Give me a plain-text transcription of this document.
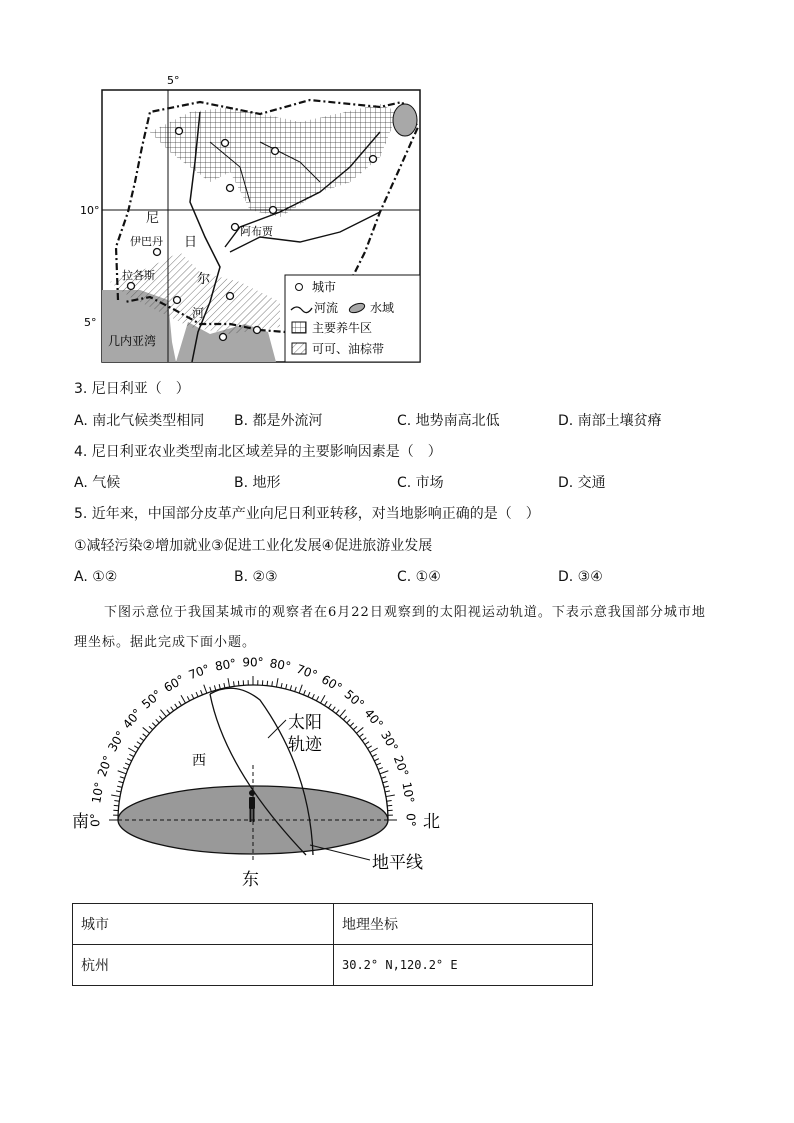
5°
10°
5°
尼
日
尔
河
阿布贾
伊巴丹
拉各斯
几内亚湾
城市
河流	水域
主要养牛区
可可、油棕带
3. 尼日利亚（　）
A. 南北气候类型相同 B. 都是外流河	C. 地势南高北低	D. 南部土壤贫瘠
4. 尼日利亚农业类型南北区域差异的主要影响因素是（　）
A. 气候	B. 地形	C. 市场	D. 交通
5. 近年来，中国部分皮革产业向尼日利亚转移，对当地影响正确的是（　）
①减轻污染②增加就业③促进工业化发展④促进旅游业发展
A. ①②	B. ②③	C. ①④	D. ③④
下图示意位于我国某城市的观察者在6月22日观察到的太阳视运动轨道。下表示意我国部分城市地
理坐标。据此完成下面小题。
0°
10°
20°
30°
40°
50°
60°
70° 80° 90° 80° 70°
60°
50°
40°
30°
20°
10°
0°
南	北
东
西
太阳
轨迹
地平线
城市	地理坐标
杭州	30.2° N,120.2° E
